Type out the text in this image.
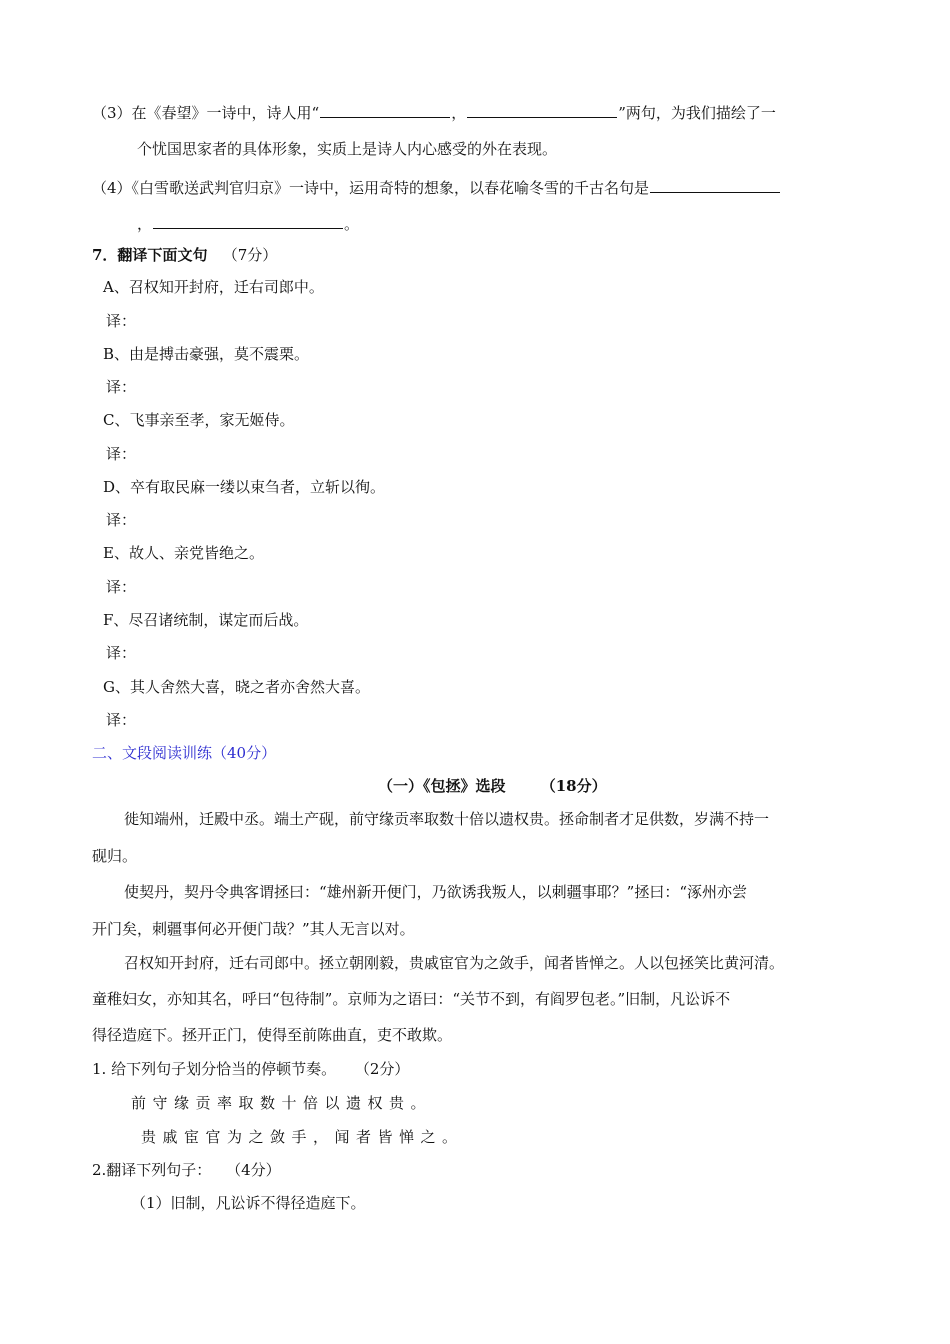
（3）在《春望》一诗中，诗人用“	，	”两句，为我们描绘了一
个忧国思家者的具体形象，实质上是诗人内心感受的外在表现。
（4）《白雪歌送武判官归京》一诗中，运用奇特的想象，以春花喻冬雪的千古名句是
，	。
7．翻译下面文句 （7分）
A、召权知开封府，迁右司郎中。
译：
B、由是搏击豪强，莫不震栗。
译：
C、飞事亲至孝，家无姬侍。
译：
D、卒有取民麻一缕以束刍者，立斩以徇。
译：
E、故人、亲党皆绝之。
译：
F、尽召诸统制，谋定而后战。
译：
G、其人舍然大喜，晓之者亦舍然大喜。
译：
二、文段阅读训练（40分）
（一）《包拯》选段 （18分）
徙知端州，迁殿中丞。端土产砚，前守缘贡率取数十倍以遗权贵。拯命制者才足供数，岁满不持一
砚归。
使契丹，契丹令典客谓拯曰：“雄州新开便门，乃欲诱我叛人，以刺疆事耶？”拯曰：“涿州亦尝
开门矣，刺疆事何必开便门哉？”其人无言以对。
召权知开封府，迁右司郎中。拯立朝刚毅，贵戚宦官为之敛手，闻者皆惮之。人以包拯笑比黄河清。
童稚妇女，亦知其名，呼曰“包待制”。京师为之语曰：“关节不到，有阎罗包老。”旧制，凡讼诉不
得径造庭下。拯开正门，使得至前陈曲直，吏不敢欺。
1. 给下列句子划分恰当的停顿节奏。 （2分）
前守缘贡率取数十倍以遗权贵。
贵戚宦官为之敛手，闻者皆惮之。
2.翻译下列句子： （4分）
（1）旧制，凡讼诉不得径造庭下。
